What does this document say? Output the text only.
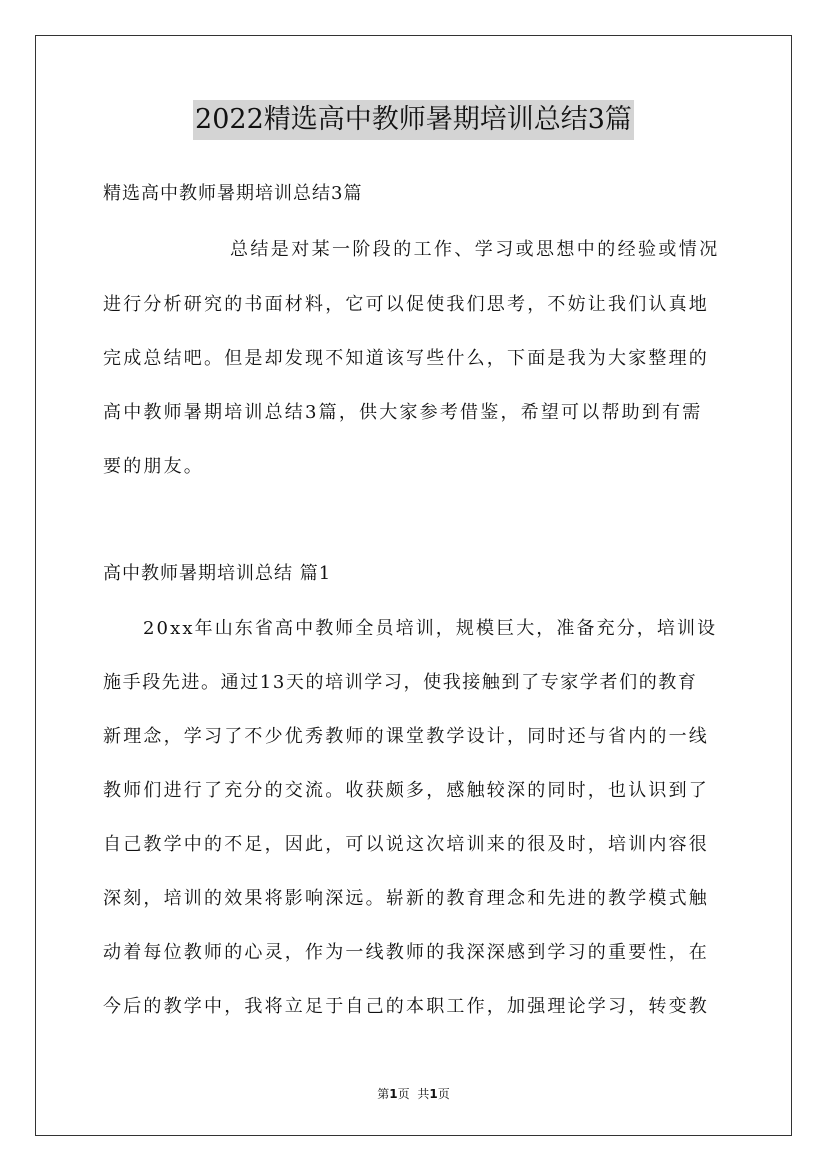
2022精选高中教师暑期培训总结3篇
精选高中教师暑期培训总结3篇
总结是对某一阶段的工作、学习或思想中的经验或情况
进行分析研究的书面材料，它可以促使我们思考，不妨让我们认真地
完成总结吧。但是却发现不知道该写些什么，下面是我为大家整理的
高中教师暑期培训总结3篇，供大家参考借鉴，希望可以帮助到有需
要的朋友。
高中教师暑期培训总结 篇1
20xx年山东省高中教师全员培训，规模巨大，准备充分，培训设
施手段先进。通过13天的培训学习，使我接触到了专家学者们的教育
新理念，学习了不少优秀教师的课堂教学设计，同时还与省内的一线
教师们进行了充分的交流。收获颇多，感触较深的同时，也认识到了
自己教学中的不足，因此，可以说这次培训来的很及时，培训内容很
深刻，培训的效果将影响深远。崭新的教育理念和先进的教学模式触
动着每位教师的心灵，作为一线教师的我深深感到学习的重要性，在
今后的教学中，我将立足于自己的本职工作，加强理论学习，转变教
第1页 共1页
